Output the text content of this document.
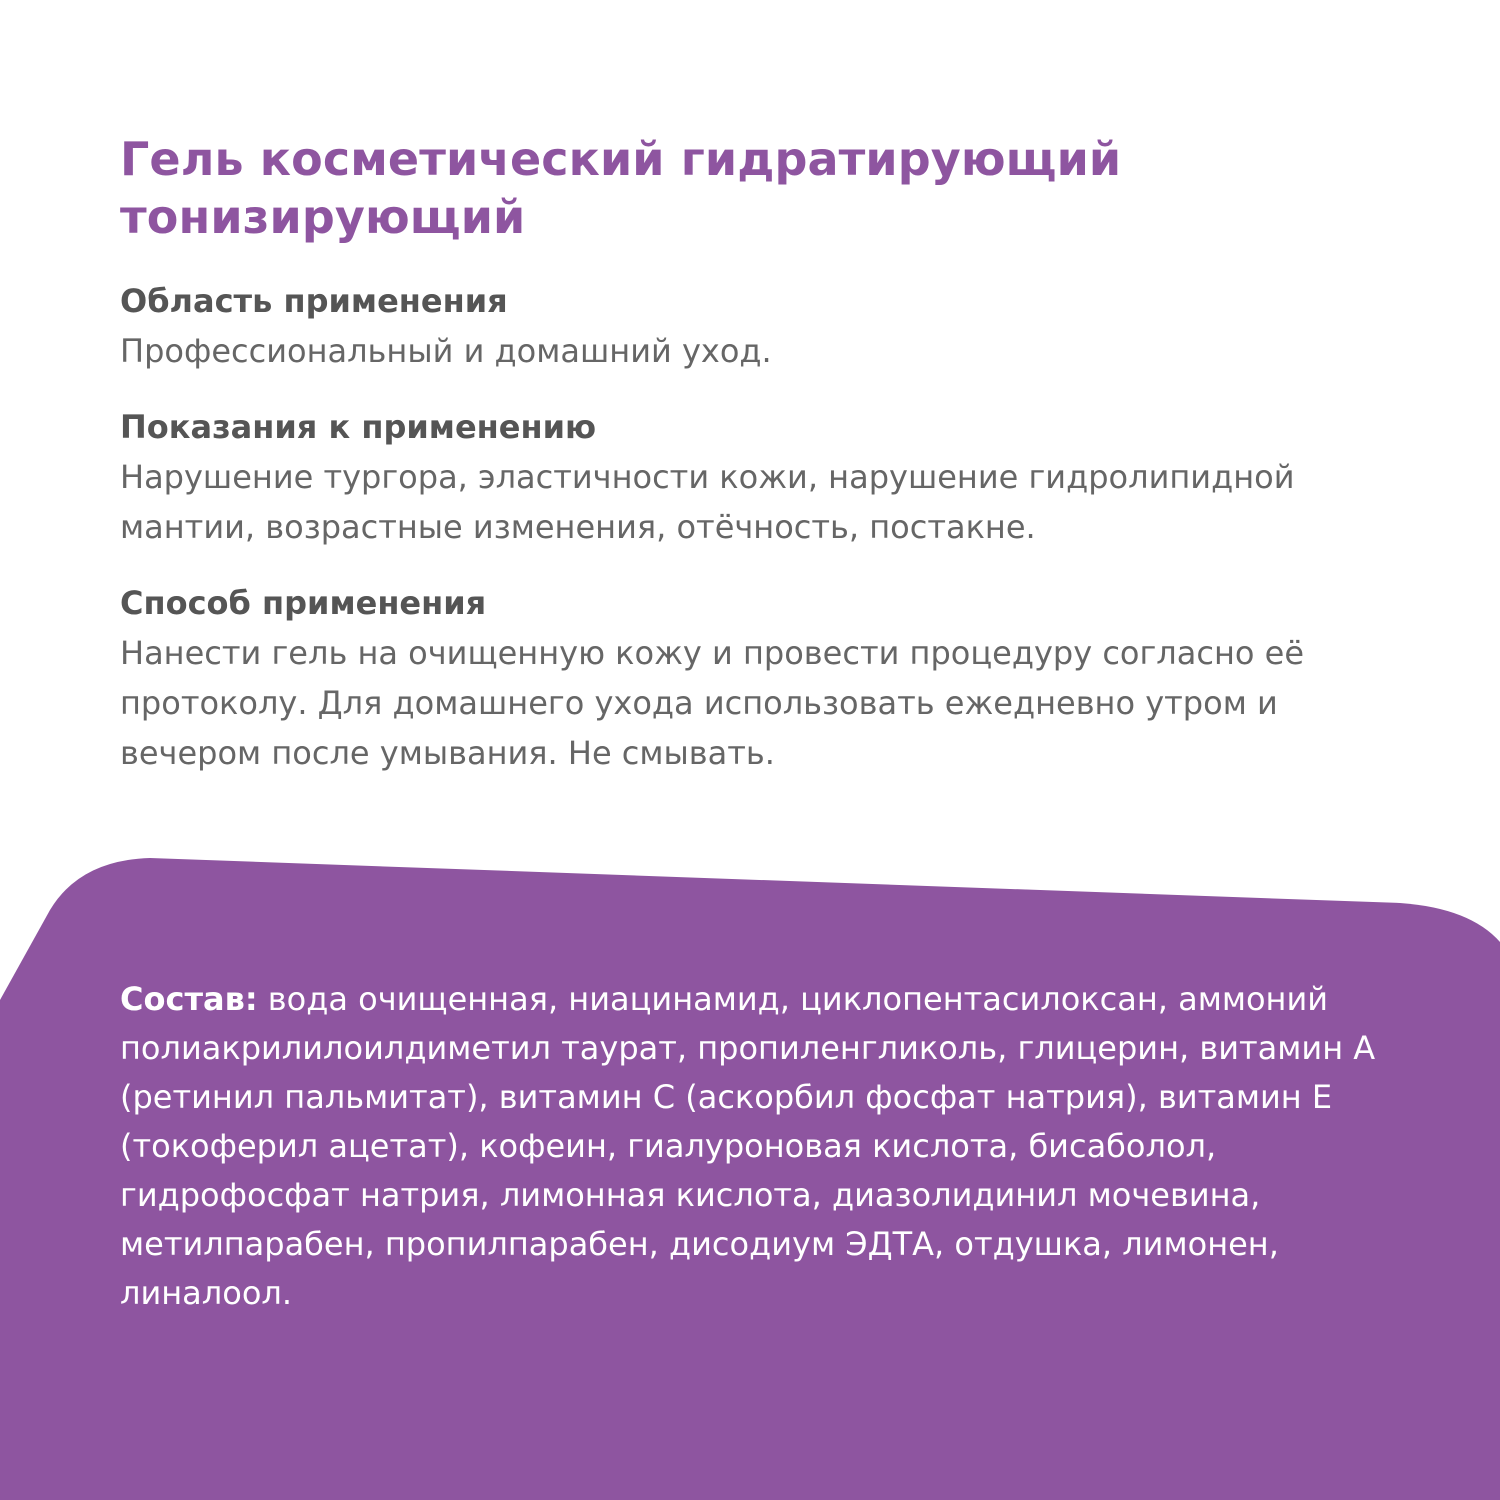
Гель косметический гидратирующий тонизирующий

Область применения

Профессиональный и домашний уход.

Показания к применению

Нарушение тургора, эластичности кожи, нарушение гидролипидной мантии, возрастные изменения, отёчность, постакне.

Способ применения

Нанести гель на очищенную кожу и провести процедуру согласно её протоколу. Для домашнего ухода использовать ежедневно утром и вечером после умывания. Не смывать.

Состав: вода очищенная, ниацинамид, циклопентасилоксан, аммоний полиакрилилоилдиметил таурат, пропиленгликоль, глицерин, витамин А (ретинил пальмитат), витамин С (аскорбил фосфат натрия), витамин Е (токоферил ацетат), кофеин, гиалуроновая кислота, бисаболол, гидрофосфат натрия, лимонная кислота, диазолидинил мочевина, метилпарабен, пропилпарабен, дисодиум ЭДТА, отдушка, лимонен, линалоол.
